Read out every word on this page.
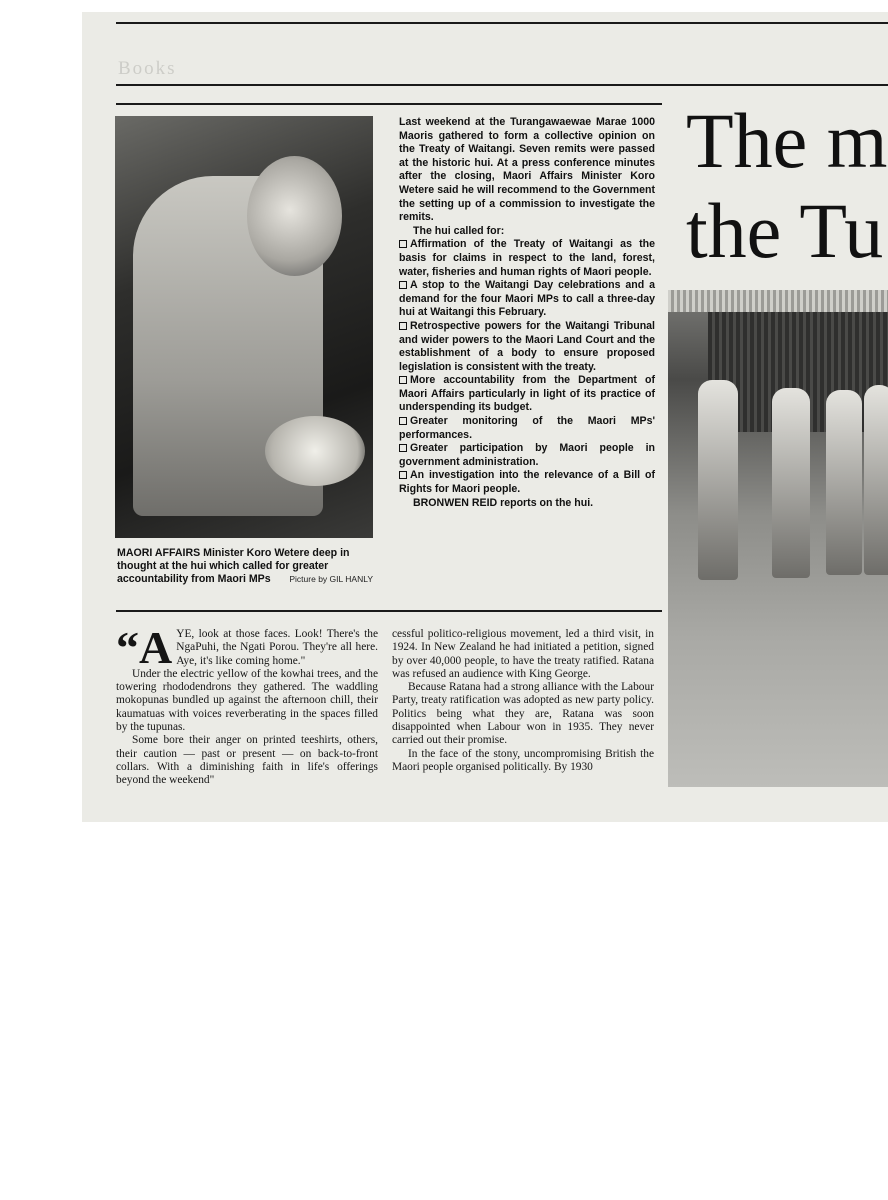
Books
MAORI AFFAIRS Minister Koro Wetere deep in thought at the hui which called for greater accountability from Maori MPs Picture by GIL HANLY

Last weekend at the Turangawaewae Marae 1000 Maoris gathered to form a collective opinion on the Treaty of Waitangi. Seven remits were passed at the historic hui. At a press conference minutes after the closing, Maori Affairs Minister Koro Wetere said he will recommend to the Government the setting up of a commission to investigate the remits.

The hui called for:

Affirmation of the Treaty of Waitangi as the basis for claims in respect to the land, forest, water, fisheries and human rights of Maori people.
A stop to the Waitangi Day celebrations and a demand for the four Maori MPs to call a three-day hui at Waitangi this February.
Retrospective powers for the Waitangi Tribunal and wider powers to the Maori Land Court and the establishment of a body to ensure proposed legislation is consistent with the treaty.
More accountability from the Department of Maori Affairs particularly in light of its practice of underspending its budget.
Greater monitoring of the Maori MPs' performances.
Greater participation by Maori people in government administration.
An investigation into the relevance of a Bill of Rights for Maori people.

BRONWEN REID reports on the hui.

The m
the Tu

“AYE, look at those faces. Look! There's the NgaPuhi, the Ngati Porou. They're all here. Aye, it's like coming home."

Under the electric yellow of the kowhai trees, and the towering rhododendrons they gathered. The waddling mokopunas bundled up against the afternoon chill, their kaumatuas with voices reverberating in the spaces filled by the tupunas.

Some bore their anger on printed teeshirts, others, their caution — past or present — on back-to-front collars. With a diminishing faith in life's offerings beyond the weekend"

cessful politico-religious movement, led a third visit, in 1924. In New Zealand he had initiated a petition, signed by over 40,000 people, to have the treaty ratified. Ratana was refused an audience with King George.

Because Ratana had a strong alliance with the Labour Party, treaty ratification was adopted as new party policy. Politics being what they are, Ratana was soon disappointed when Labour won in 1935. They never carried out their promise.

In the face of the stony, uncompromising British the Maori people organised politically. By 1930
